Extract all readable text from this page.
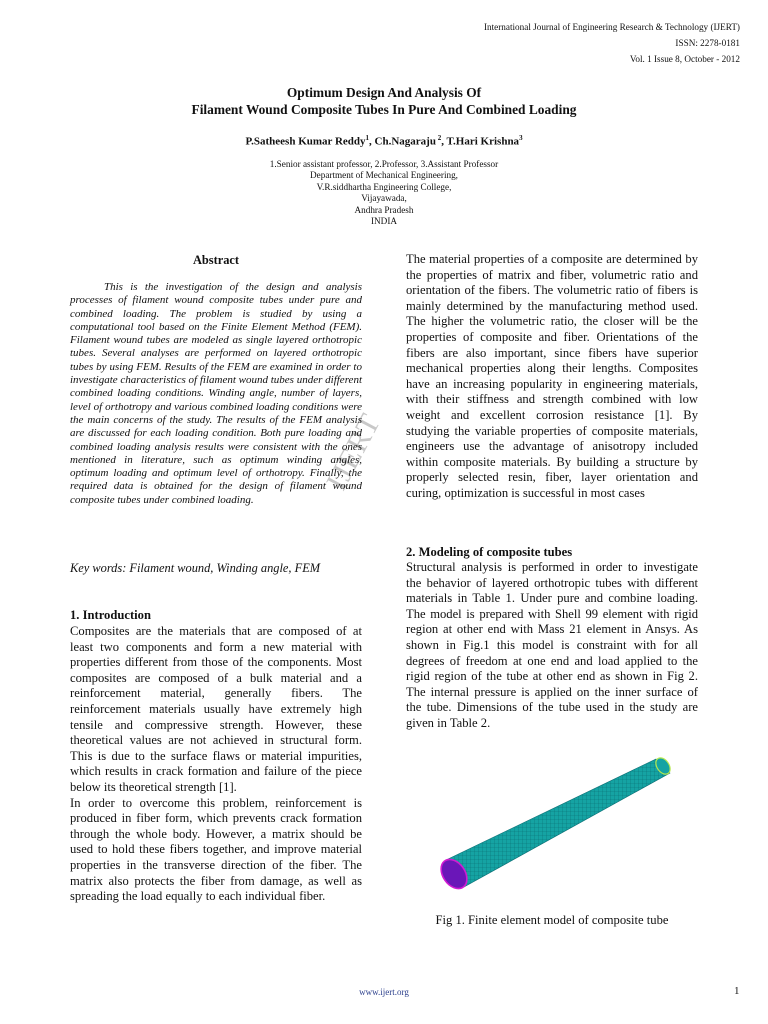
International Journal of Engineering Research & Technology (IJERT)
ISSN: 2278-0181
Vol. 1 Issue 8, October - 2012
Optimum Design And Analysis Of
Filament Wound Composite Tubes In Pure And Combined Loading
P.Satheesh Kumar Reddy$^1$, Ch.Nagaraju $^2$, T.Hari Krishna$^3$
1.Senior assistant professor, 2.Professor, 3.Assistant Professor
Department of Mechanical Engineering,
V.R.siddhartha Engineering College,
Vijayawada,
Andhra Pradesh
INDIA
IJERT
Abstract
This is the investigation of the design and analysis processes of filament wound composite tubes under pure and combined loading. The problem is studied by using a computational tool based on the Finite Element Method (FEM). Filament wound tubes are modeled as single layered orthotropic tubes. Several analyses are performed on layered orthotropic tubes by using FEM. Results of the FEM are examined in order to investigate characteristics of filament wound tubes under different combined loading conditions. Winding angle, number of layers, level of orthotropy and various combined loading conditions were the main concerns of the study. The results of the FEM analysis are discussed for each loading condition. Both pure loading and combined loading analysis results were consistent with the ones mentioned in literature, such as optimum winding angles, optimum loading and optimum level of orthotropy. Finally, the required data is obtained for the design of filament wound composite tubes under combined loading.
Key words: Filament wound, Winding angle, FEM
1. Introduction

Composites are the materials that are composed of at least two components and form a new material with properties different from those of the components. Most composites are composed of a bulk material and a reinforcement material, generally fibers. The reinforcement materials usually have extremely high tensile and compressive strength. However, these theoretical values are not achieved in structural form. This is due to the surface flaws or material impurities, which results in crack formation and failure of the piece below its theoretical strength [1].

In order to overcome this problem, reinforcement is produced in fiber form, which prevents crack formation through the whole body. However, a matrix should be used to hold these fibers together, and improve material properties in the transverse direction of the fiber. The matrix also protects the fiber from damage, as well as spreading the load equally to each individual fiber.

The material properties of a composite are determined by the properties of matrix and fiber, volumetric ratio and orientation of the fibers. The volumetric ratio of fibers is mainly determined by the manufacturing method used. The higher the volumetric ratio, the closer will be the properties of composite and fiber. Orientations of the fibers are also important, since fibers have superior mechanical properties along their lengths. Composites have an increasing popularity in engineering materials, with their stiffness and strength combined with low weight and excellent corrosion resistance [1]. By studying the variable properties of composite materials, engineers use the advantage of anisotropy included within composite materials. By building a structure by properly selected resin, fiber, layer orientation and curing, optimization is successful in most cases

2. Modeling of composite tubes
Structural analysis is performed in order to investigate the behavior of layered orthotropic tubes with different materials in Table 1. Under pure and combine loading. The model is prepared with Shell 99 element with rigid region at other end with Mass 21 element in Ansys. As shown in Fig.1 this model is constraint with for all degrees of freedom at one end and load applied to the rigid region of the tube at other end as shown in Fig 2. The internal pressure is applied on the inner surface of the tube. Dimensions of the tube used in the study are given in Table 2.
Fig 1. Finite element model of composite tube
www.ijert.org	1
